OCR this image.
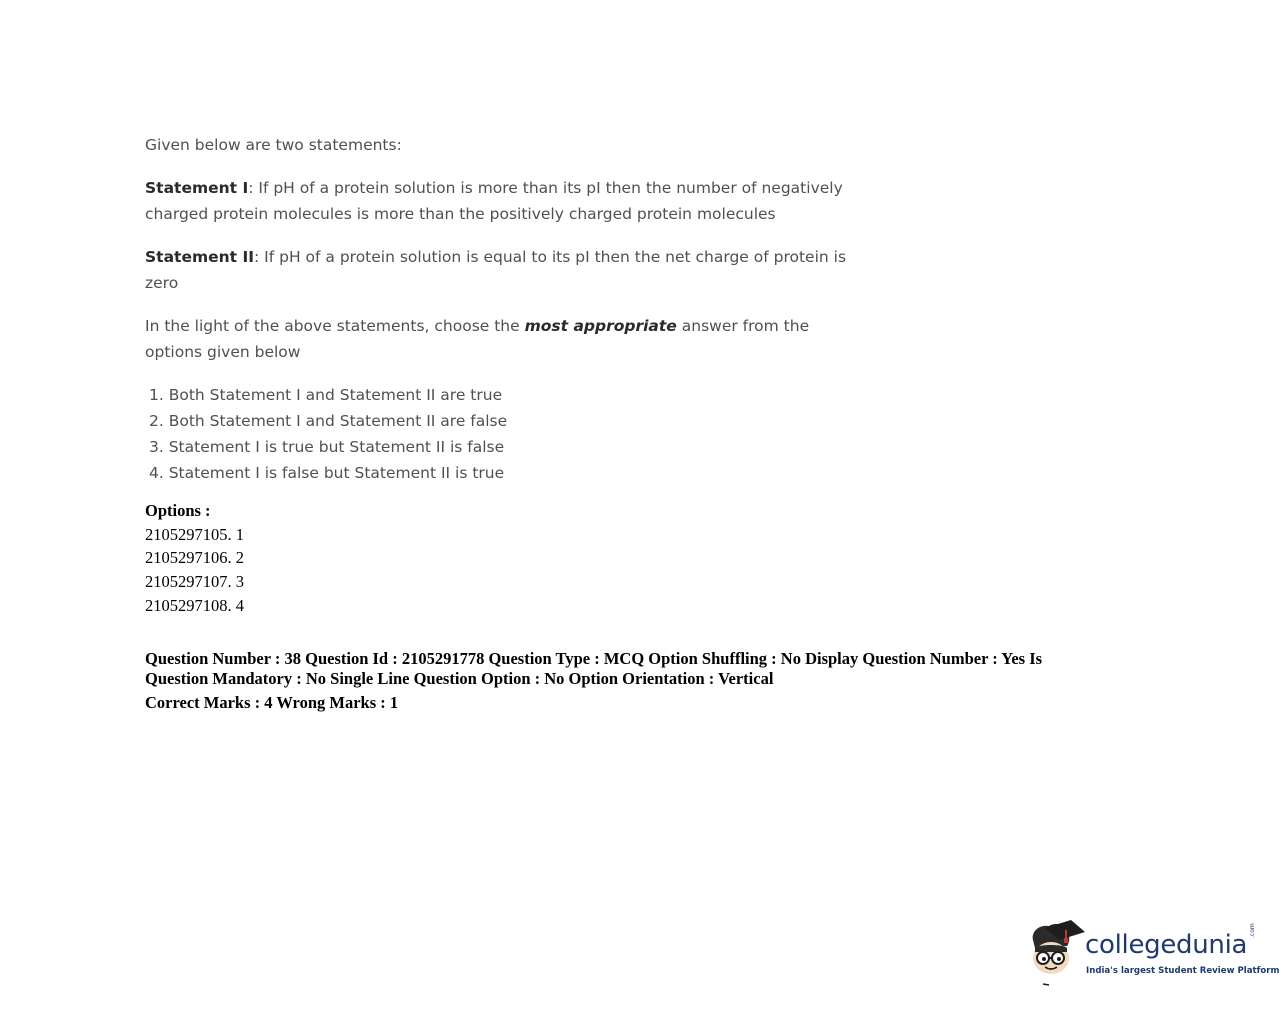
Given below are two statements:

Statement I: If pH of a protein solution is more than its pI then the number of negatively charged protein molecules is more than the positively charged protein molecules

Statement II: If pH of a protein solution is equal to its pI then the net charge of protein is zero

In the light of the above statements, choose the most appropriate answer from the options given below

1. Both Statement I and Statement II are true
2. Both Statement I and Statement II are false
3. Statement I is true but Statement II is false
4. Statement I is false but Statement II is true
Options :
2105297105. 1
2105297106. 2
2105297107. 3
2105297108. 4
Question Number : 38 Question Id : 2105291778 Question Type : MCQ Option Shuffling : No Display Question Number : Yes Is Question Mandatory : No Single Line Question Option : No Option Orientation : Vertical
Correct Marks : 4 Wrong Marks : 1
collegedunia .com
India's largest Student Review Platform
